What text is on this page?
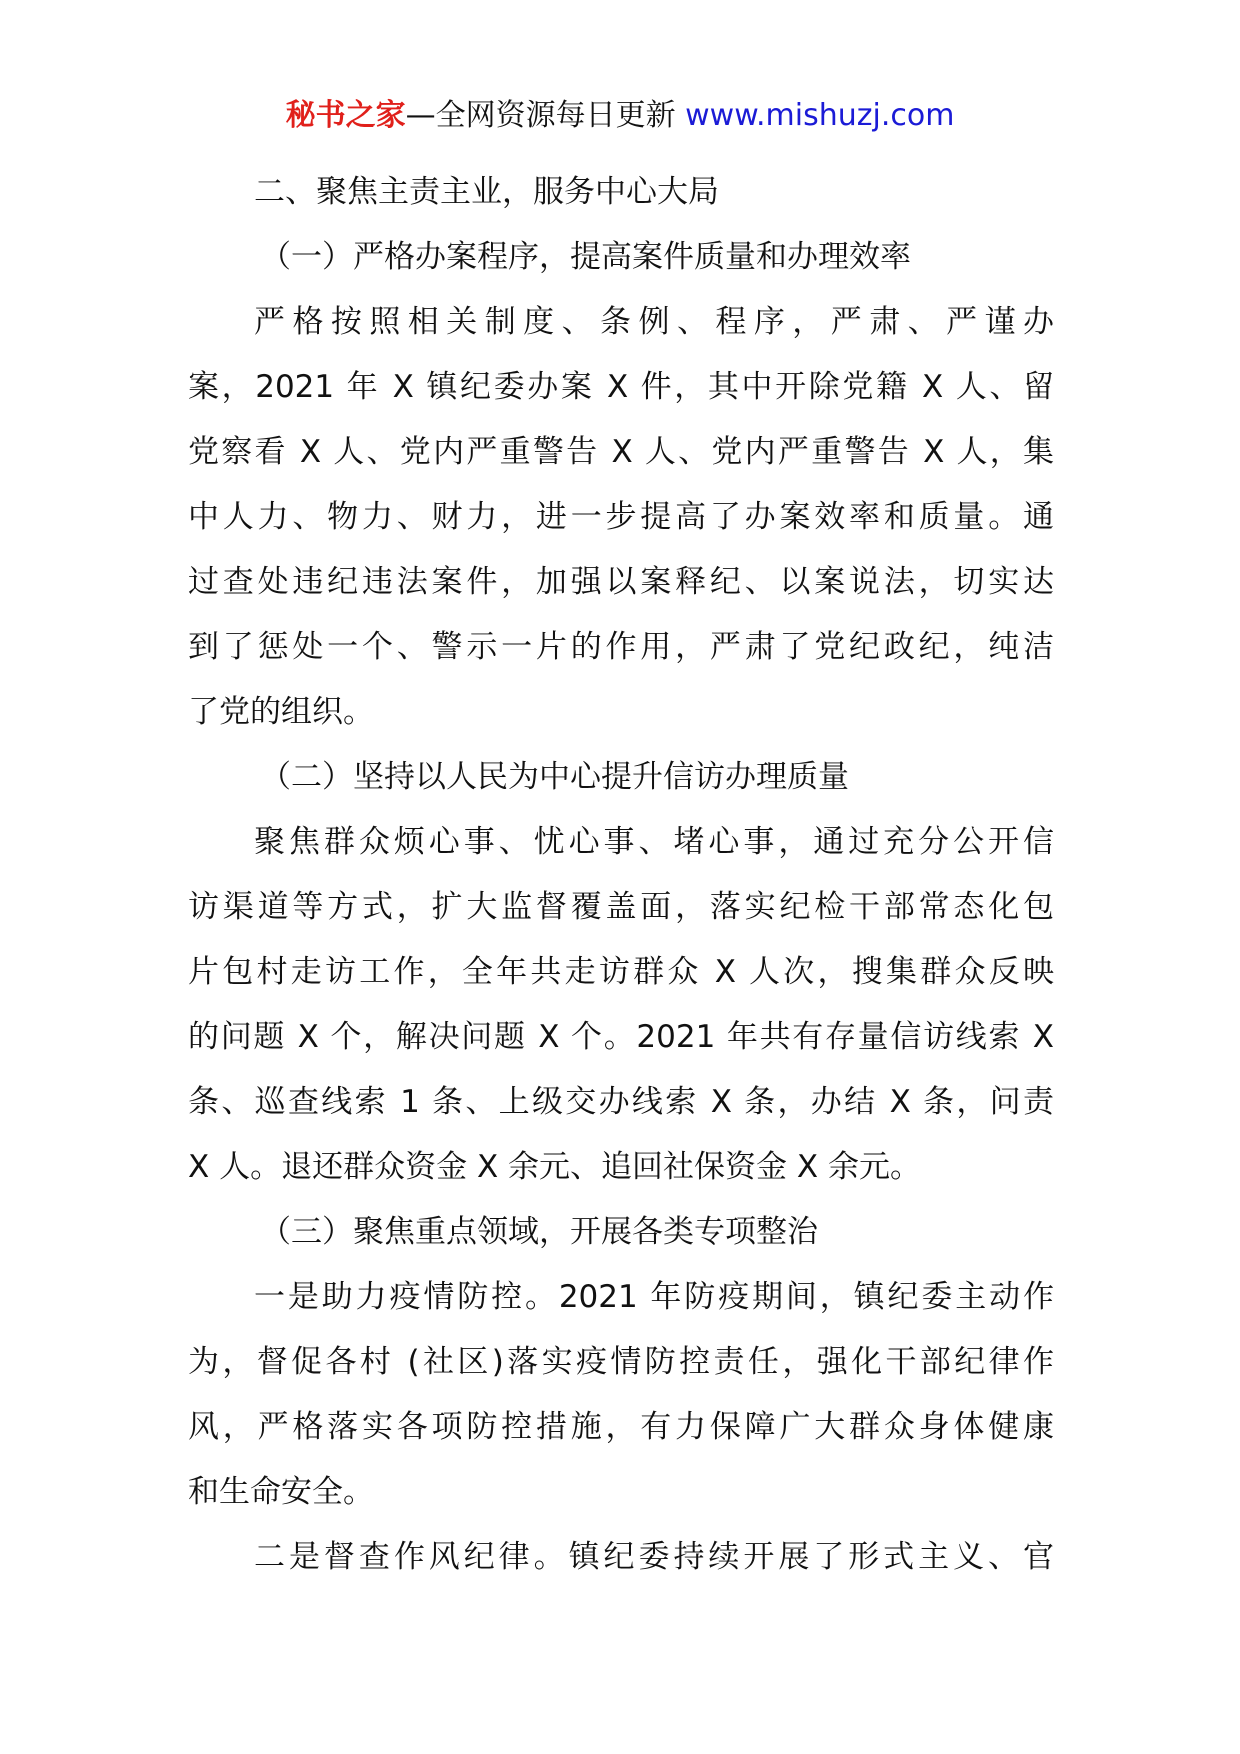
秘书之家—全网资源每日更新 www.mishuzj.com
二、聚焦主责主业，服务中心大局
（一）严格办案程序，提高案件质量和办理效率
严格按照相关制度、条例、程序，严肃、严谨办
案，2021 年 X 镇纪委办案 X 件，其中开除党籍 X 人、留
党察看 X 人、党内严重警告 X 人、党内严重警告 X 人，集
中人力、物力、财力，进一步提高了办案效率和质量。通
过查处违纪违法案件，加强以案释纪、以案说法，切实达
到了惩处一个、警示一片的作用，严肃了党纪政纪，纯洁
了党的组织。
（二）坚持以人民为中心提升信访办理质量
聚焦群众烦心事、忧心事、堵心事，通过充分公开信
访渠道等方式，扩大监督覆盖面，落实纪检干部常态化包
片包村走访工作，全年共走访群众 X 人次，搜集群众反映
的问题 X 个，解决问题 X 个。2021 年共有存量信访线索 X
条、巡查线索 1 条、上级交办线索 X 条，办结 X 条，问责
X 人。退还群众资金 X 余元、追回社保资金 X 余元。
（三）聚焦重点领域，开展各类专项整治
一是助力疫情防控。2021 年防疫期间，镇纪委主动作
为，督促各村 (社区)落实疫情防控责任，强化干部纪律作
风，严格落实各项防控措施，有力保障广大群众身体健康
和生命安全。
二是督查作风纪律。镇纪委持续开展了形式主义、官
